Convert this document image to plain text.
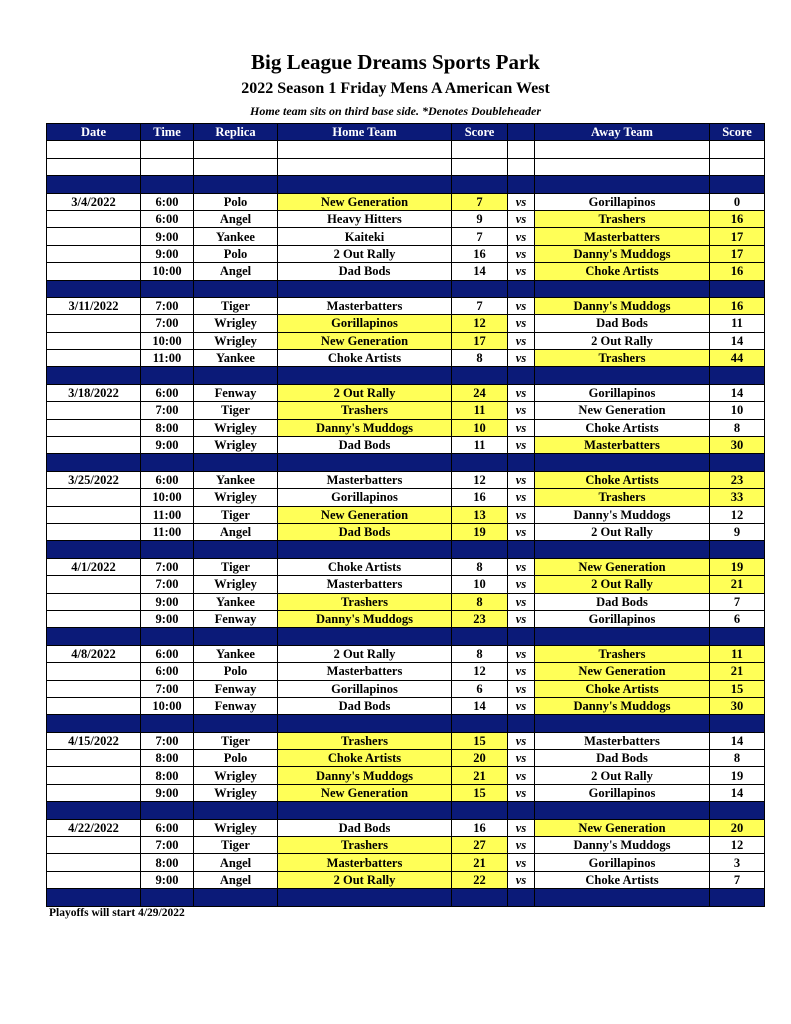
Big League Dreams Sports Park
2022 Season 1 Friday Mens A American West
Home team sits on third base side. *Denotes Doubleheader
Date	Time	Replica	Home Team	Score		Away Team	Score

3/4/2022	6:00	Polo	New Generation	7	vs	Gorillapinos	0
	6:00	Angel	Heavy Hitters	9	vs	Trashers	16
	9:00	Yankee	Kaiteki	7	vs	Masterbatters	17
	9:00	Polo	2 Out Rally	16	vs	Danny's Muddogs	17
	10:00	Angel	Dad Bods	14	vs	Choke Artists	16

3/11/2022	7:00	Tiger	Masterbatters	7	vs	Danny's Muddogs	16
	7:00	Wrigley	Gorillapinos	12	vs	Dad Bods	11
	10:00	Wrigley	New Generation	17	vs	2 Out Rally	14
	11:00	Yankee	Choke Artists	8	vs	Trashers	44

3/18/2022	6:00	Fenway	2 Out Rally	24	vs	Gorillapinos	14
	7:00	Tiger	Trashers	11	vs	New Generation	10
	8:00	Wrigley	Danny's Muddogs	10	vs	Choke Artists	8
	9:00	Wrigley	Dad Bods	11	vs	Masterbatters	30

3/25/2022	6:00	Yankee	Masterbatters	12	vs	Choke Artists	23
	10:00	Wrigley	Gorillapinos	16	vs	Trashers	33
	11:00	Tiger	New Generation	13	vs	Danny's Muddogs	12
	11:00	Angel	Dad Bods	19	vs	2 Out Rally	9

4/1/2022	7:00	Tiger	Choke Artists	8	vs	New Generation	19
	7:00	Wrigley	Masterbatters	10	vs	2 Out Rally	21
	9:00	Yankee	Trashers	8	vs	Dad Bods	7
	9:00	Fenway	Danny's Muddogs	23	vs	Gorillapinos	6

4/8/2022	6:00	Yankee	2 Out Rally	8	vs	Trashers	11
	6:00	Polo	Masterbatters	12	vs	New Generation	21
	7:00	Fenway	Gorillapinos	6	vs	Choke Artists	15
	10:00	Fenway	Dad Bods	14	vs	Danny's Muddogs	30

4/15/2022	7:00	Tiger	Trashers	15	vs	Masterbatters	14
	8:00	Polo	Choke Artists	20	vs	Dad Bods	8
	8:00	Wrigley	Danny's Muddogs	21	vs	2 Out Rally	19
	9:00	Wrigley	New Generation	15	vs	Gorillapinos	14

4/22/2022	6:00	Wrigley	Dad Bods	16	vs	New Generation	20
	7:00	Tiger	Trashers	27	vs	Danny's Muddogs	12
	8:00	Angel	Masterbatters	21	vs	Gorillapinos	3
	9:00	Angel	2 Out Rally	22	vs	Choke Artists	7

Playoffs will start 4/29/2022
